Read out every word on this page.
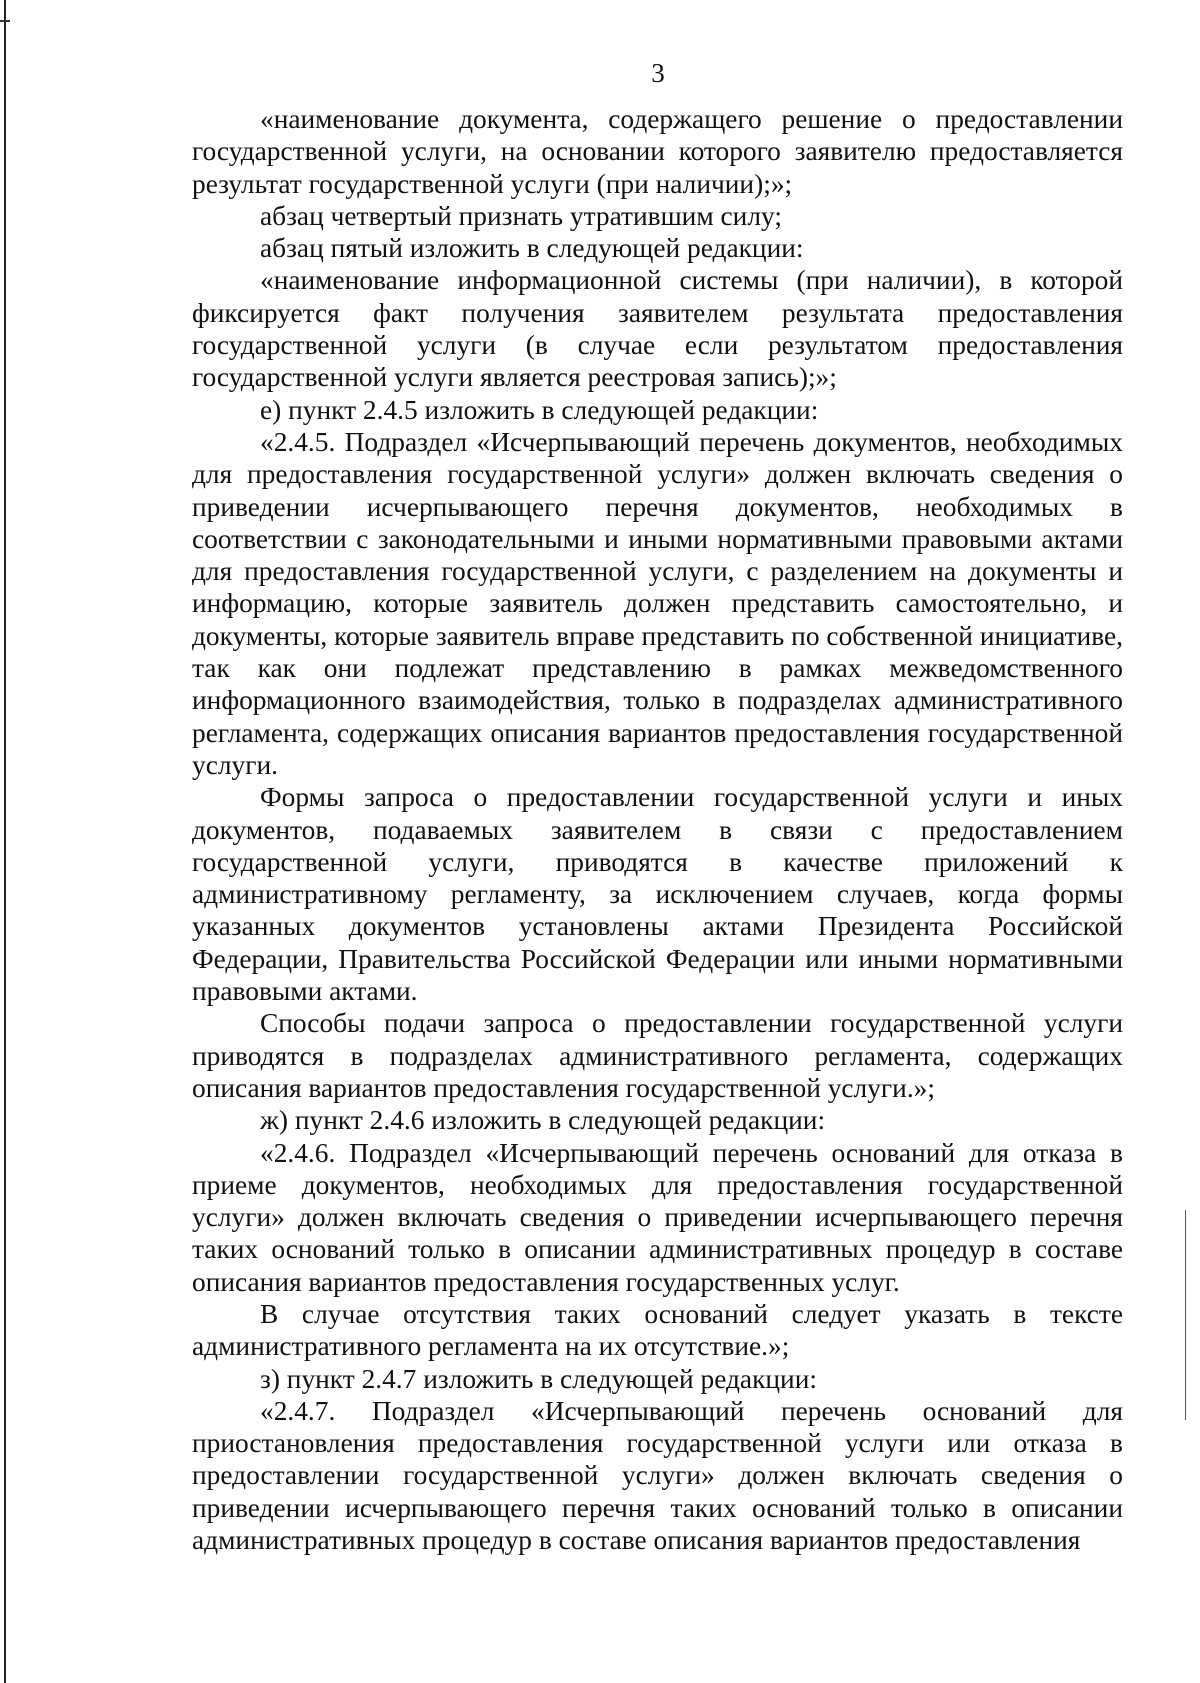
3

«наименование документа, содержащего решение о предоставлении государственной услуги, на основании которого заявителю предоставляется результат государственной услуги (при наличии);»;

абзац четвертый признать утратившим силу;

абзац пятый изложить в следующей редакции:

«наименование информационной системы (при наличии), в которой фиксируется факт получения заявителем результата предоставления государственной услуги (в случае если результатом предоставления государственной услуги является реестровая запись);»;

е) пункт 2.4.5 изложить в следующей редакции:

«2.4.5. Подраздел «Исчерпывающий перечень документов, необходимых для предоставления государственной услуги» должен включать сведения о приведении исчерпывающего перечня документов, необходимых в соответствии с законодательными и иными нормативными правовыми актами для предоставления государственной услуги, с разделением на документы и информацию, которые заявитель должен представить самостоятельно, и документы, которые заявитель вправе представить по собственной инициативе, так как они подлежат представлению в рамках межведомственного информационного взаимодействия, только в подразделах административного регламента, содержащих описания вариантов предоставления государственной услуги.

Формы запроса о предоставлении государственной услуги и иных документов, подаваемых заявителем в связи с предоставлением государственной услуги, приводятся в качестве приложений к административному регламенту, за исключением случаев, когда формы указанных документов установлены актами Президента Российской Федерации, Правительства Российской Федерации или иными нормативными правовыми актами.

Способы подачи запроса о предоставлении государственной услуги приводятся в подразделах административного регламента, содержащих описания вариантов предоставления государственной услуги.»;

ж) пункт 2.4.6 изложить в следующей редакции:

«2.4.6. Подраздел «Исчерпывающий перечень оснований для отказа в приеме документов, необходимых для предоставления государственной услуги» должен включать сведения о приведении исчерпывающего перечня таких оснований только в описании административных процедур в составе описания вариантов предоставления государственных услуг.

В случае отсутствия таких оснований следует указать в тексте административного регламента на их отсутствие.»;

з) пункт 2.4.7 изложить в следующей редакции:

«2.4.7. Подраздел «Исчерпывающий перечень оснований для приостановления предоставления государственной услуги или отказа в предоставлении государственной услуги» должен включать сведения о приведении исчерпывающего перечня таких оснований только в описании административных процедур в составе описания вариантов предоставления
